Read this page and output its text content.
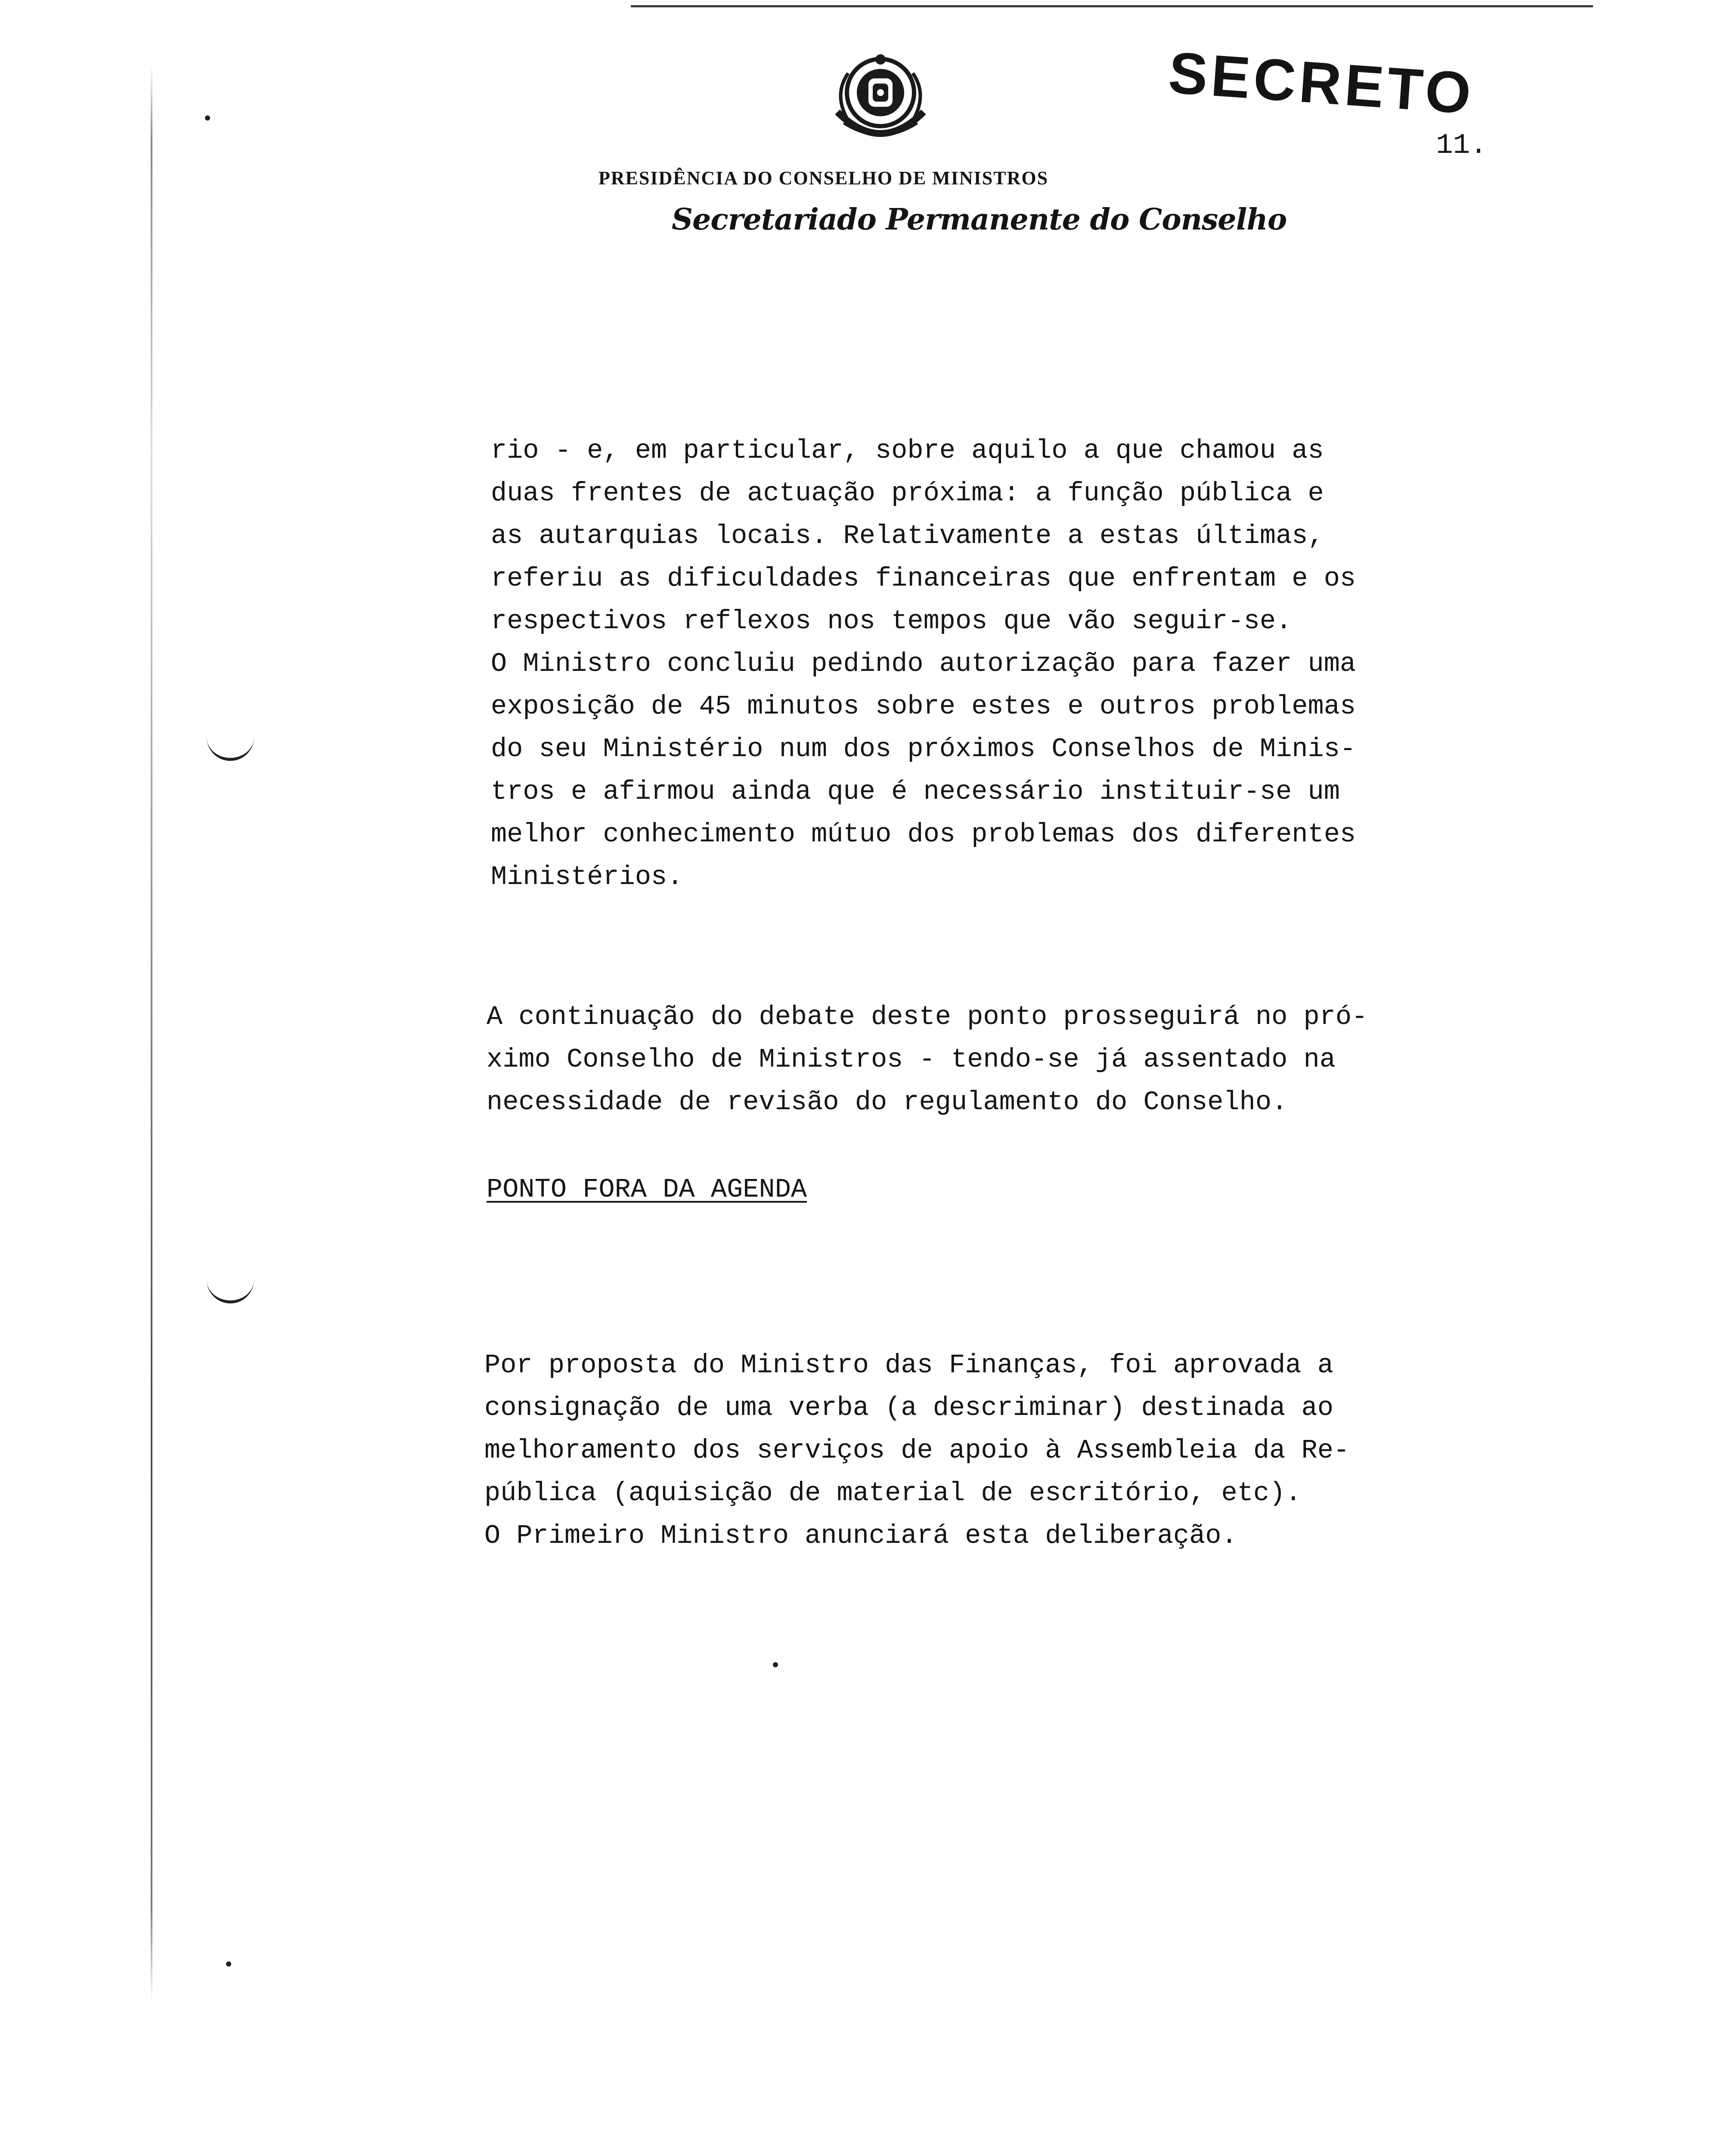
PRESIDÊNCIA DO CONSELHO DE MINISTROS
Secretariado Permanente do Conselho
SECRETO
11.

rio - e, em particular, sobre aquilo a que chamou as
duas frentes de actuação próxima: a função pública e
as autarquias locais. Relativamente a estas últimas,
referiu as dificuldades financeiras que enfrentam e os
respectivos reflexos nos tempos que vão seguir-se.
O Ministro concluiu pedindo autorização para fazer uma
exposição de 45 minutos sobre estes e outros problemas
do seu Ministério num dos próximos Conselhos de Minis-
tros e afirmou ainda que é necessário instituir-se um
melhor conhecimento mútuo dos problemas dos diferentes
Ministérios.

A continuação do debate deste ponto prosseguirá no pró-
ximo Conselho de Ministros - tendo-se já assentado na
necessidade de revisão do regulamento do Conselho.

PONTO FORA DA AGENDA

Por proposta do Ministro das Finanças, foi aprovada a
consignação de uma verba (a descriminar) destinada ao
melhoramento dos serviços de apoio à Assembleia da Re-
pública (aquisição de material de escritório, etc).
O Primeiro Ministro anunciará esta deliberação.
